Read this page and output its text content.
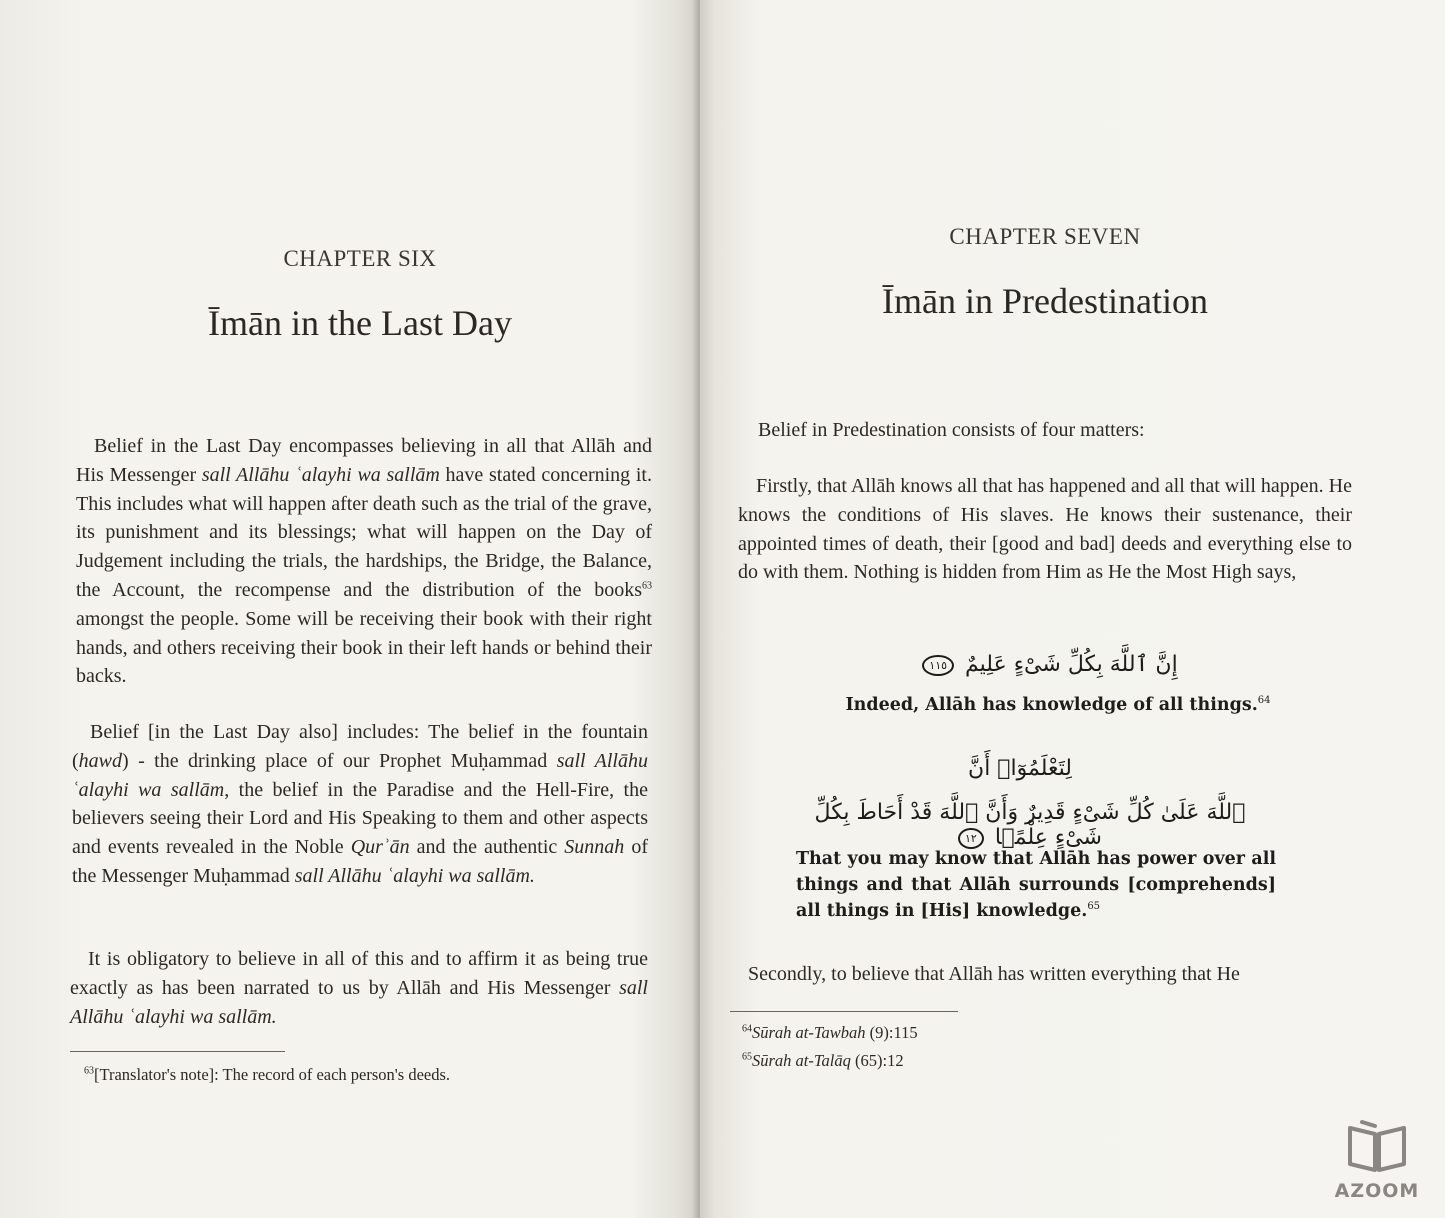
CHAPTER SIX
Īmān in the Last Day

Belief in the Last Day encompasses believing in all that Allāh and His Messenger sall Allāhu ʿalayhi wa sallām have stated concerning it. This includes what will happen after death such as the trial of the grave, its punishment and its blessings; what will happen on the Day of Judgement including the trials, the hardships, the Bridge, the Balance, the Account, the recompense and the distribution of the books$^{63}$ amongst the people. Some will be receiving their book with their right hands, and others receiving their book in their left hands or behind their backs.

Belief [in the Last Day also] includes: The belief in the fountain (hawd) - the drinking place of our Prophet Muḥammad sall Allāhu ʿalayhi wa sallām, the belief in the Paradise and the Hell-Fire, the believers seeing their Lord and His Speaking to them and other aspects and events revealed in the Noble Qurʾān and the authentic Sunnah of the Messenger Muḥammad sall Allāhu ʿalayhi wa sallām.

It is obligatory to believe in all of this and to affirm it as being true exactly as has been narrated to us by Allāh and His Messenger sall Allāhu ʿalayhi wa sallām.

$^{63}$[Translator's note]: The record of each person's deeds.
CHAPTER SEVEN
Īmān in Predestination

Belief in Predestination consists of four matters:

Firstly, that Allāh knows all that has happened and all that will happen. He knows the conditions of His slaves. He knows their sustenance, their appointed times of death, their [good and bad] deeds and everything else to do with them. Nothing is hidden from Him as He the Most High says,

إِنَّ ٱللَّهَ بِكُلِّ شَىْءٍ عَلِيمٌ ١١٥
Indeed, Allāh has knowledge of all things.$^{64}$
لِتَعْلَمُوٓا۟ أَنَّ
ٱللَّهَ عَلَىٰ كُلِّ شَىْءٍ قَدِيرٌ وَأَنَّ ٱللَّهَ قَدْ أَحَاطَ بِكُلِّ شَىْءٍ عِلْمًۢا ١٢
That you may know that Allāh has power over all things and that Allāh surrounds [comprehends] all things in [His] knowledge.$^{65}$

Secondly, to believe that Allāh has written everything that He

$^{64}$Sūrah at-Tawbah (9):115
$^{65}$Sūrah at-Talāq (65):12
AZOOM
